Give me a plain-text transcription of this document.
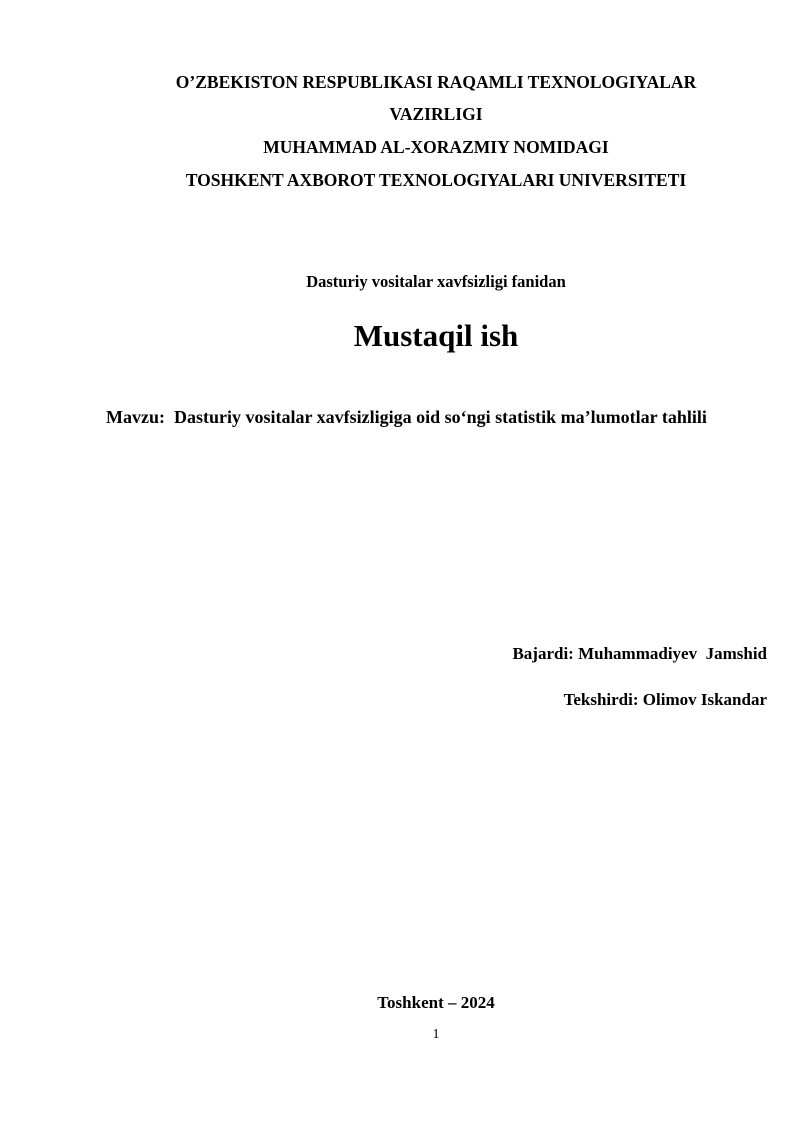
O’ZBEKISTON RESPUBLIKASI RAQAMLI TEXNOLOGIYALAR
VAZIRLIGI
MUHAMMAD AL-XORAZMIY NOMIDAGI
TOSHKENT AXBOROT TEXNOLOGIYALARI UNIVERSITETI
Dasturiy vositalar xavfsizligi fanidan
Mustaqil ish
Mavzu: Dasturiy vositalar xavfsizligiga oid so‘ngi statistik ma’lumotlar tahlili
Bajardi: Muhammadiyev  Jamshid
Tekshirdi: Olimov Iskandar
Toshkent – 2024
1
